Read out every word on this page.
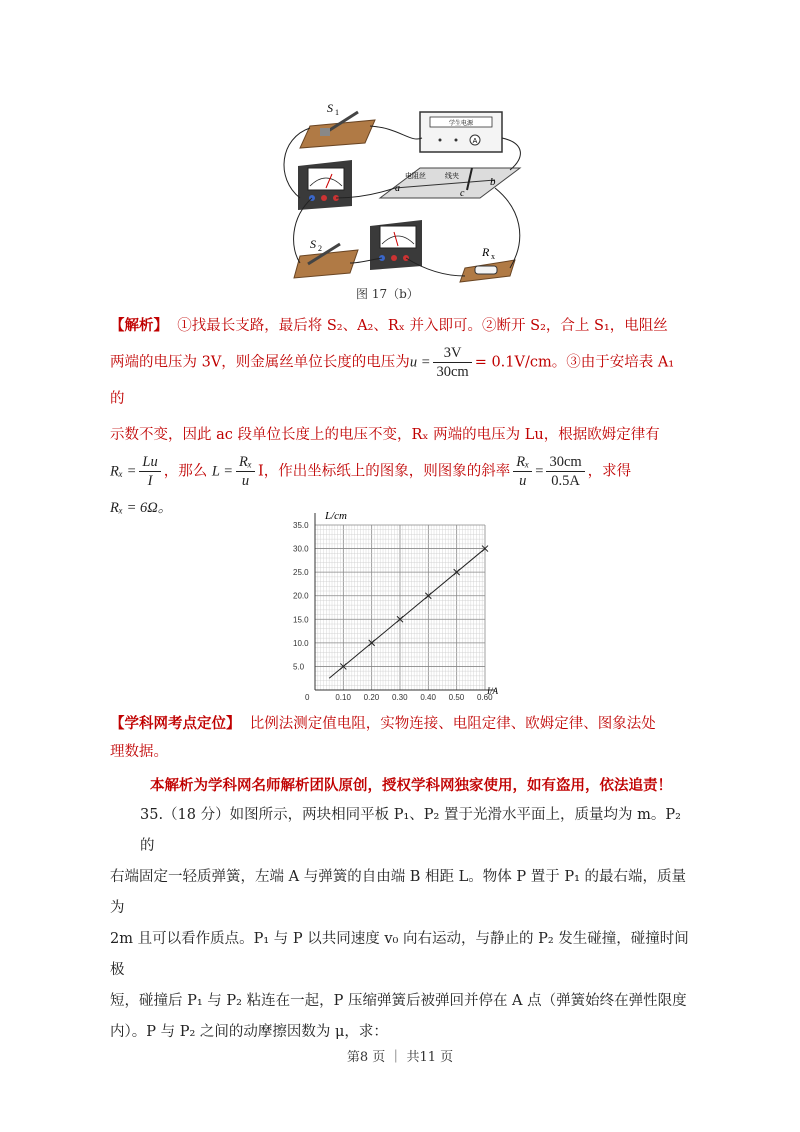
S 1
学生电源
A
电阻丝	线夹
a	c
b
S 2	R x
图 17（b）
【解析】 ①找最长支路，最后将 S₂、A₂、Rₓ 并入即可。②断开 S₂，合上 S₁，电阻丝
两端的电压为 3V，则金属丝单位长度的电压为$u = \frac{3V}{30cm} = 0.1V/cm$。③由于安培表 A₁ 的
示数不变，因此 ac 段单位长度上的电压不变，Rₓ 两端的电压为 Lu，根据欧姆定律有
$R_x = \frac{Lu}{I}$ ，那么 $L = \frac{\text{Rₓ}}{u}$ I，作出坐标纸上的图象，则图象的斜率 $\frac{\text{Rₓ}}{u} = \frac{30cm}{0.5A}$ ，求得
Rₓ = 6Ω。
0	0.10 0.20 0.30 0.40 0.50 0.60
5.0
10.0
15.0
20.0
25.0
30.0
35.0
L/cm
I/A
【学科网考点定位】 比例法测定值电阻，实物连接、电阻定律、欧姆定律、图象法处
理数据。
本解析为学科网名师解析团队原创，授权学科网独家使用，如有盗用，依法追责！
35.（18 分）如图所示，两块相同平板 P₁、P₂ 置于光滑水平面上，质量均为 m。P₂ 的
右端固定一轻质弹簧，左端 A 与弹簧的自由端 B 相距 L。物体 P 置于 P₁ 的最右端，质量为
2m 且可以看作质点。P₁ 与 P 以共同速度 v₀ 向右运动，与静止的 P₂ 发生碰撞，碰撞时间极
短，碰撞后 P₁ 与 P₂ 粘连在一起，P 压缩弹簧后被弹回并停在 A 点（弹簧始终在弹性限度
内）。P 与 P₂ 之间的动摩擦因数为 μ，求：
第8 页 ｜ 共11 页
